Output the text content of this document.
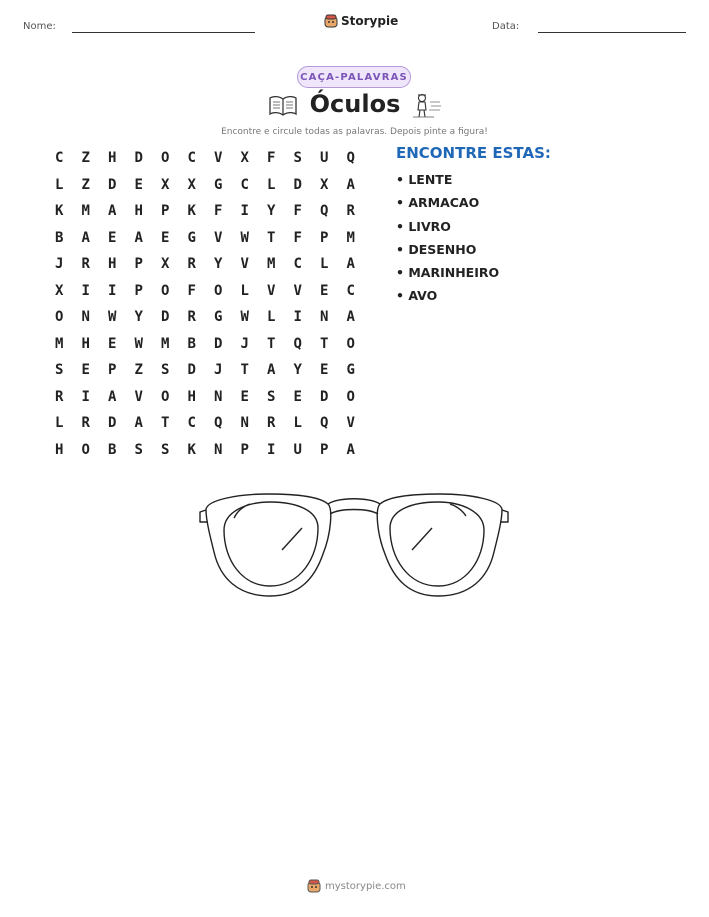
Nome:	Storypie	Data:
CAÇA-PALAVRAS
Óculos
Encontre e circule todas as palavras. Depois pinte a figura!
C	Z	H	D	O	C	V	X	F	S	U	Q
L	Z	D	E	X	X	G	C	L	D	X	A
K	M	A	H	P	K	F	I	Y	F	Q	R
B	A	E	A	E	G	V	W	T	F	P	M
J	R	H	P	X	R	Y	V	M	C	L	A
X	I	I	P	O	F	O	L	V	V	E	C
O	N	W	Y	D	R	G	W	L	I	N	A
M	H	E	W	M	B	D	J	T	Q	T	O
S	E	P	Z	S	D	J	T	A	Y	E	G
R	I	A	V	O	H	N	E	S	E	D	O
L	R	D	A	T	C	Q	N	R	L	Q	V
H	O	B	S	S	K	N	P	I	U	P	A
ENCONTRE ESTAS:
• LENTE
• ARMACAO
• LIVRO
• DESENHO
• MARINHEIRO
• AVO
mystorypie.com
